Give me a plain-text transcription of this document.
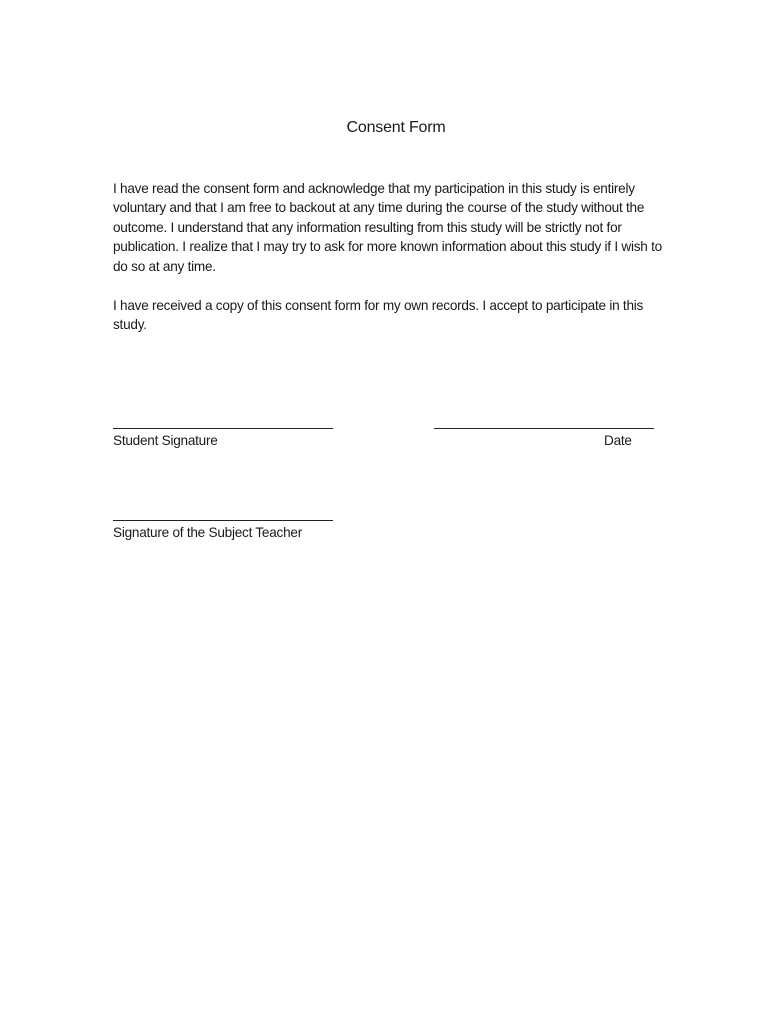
Consent Form

I have read the consent form and acknowledge that my participation in this study is entirely voluntary and that I am free to backout at any time during the course of the study without the outcome. I understand that any information resulting from this study will be strictly not for publication. I realize that I may try to ask for more known information about this study if I wish to do so at any time.

I have received a copy of this consent form for my own records. I accept to participate in this study.

Student Signature	Date
Signature of the Subject Teacher
